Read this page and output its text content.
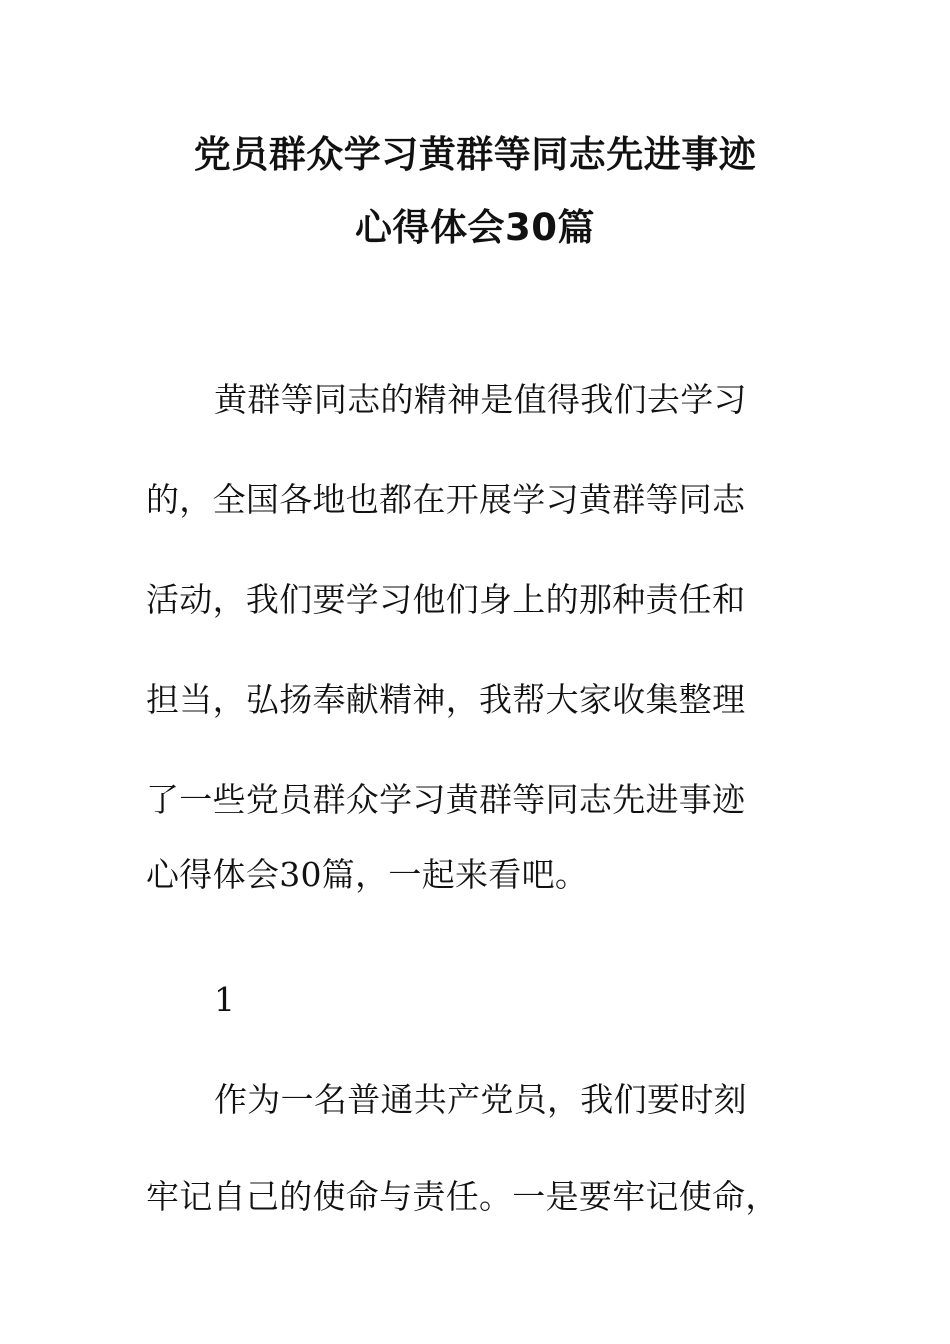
党员群众学习黄群等同志先进事迹
心得体会30篇
黄群等同志的精神是值得我们去学习
的，全国各地也都在开展学习黄群等同志
活动，我们要学习他们身上的那种责任和
担当，弘扬奉献精神，我帮大家收集整理
了一些党员群众学习黄群等同志先进事迹
心得体会30篇，一起来看吧。
1
作为一名普通共产党员，我们要时刻
牢记自己的使命与责任。一是要牢记使命，
